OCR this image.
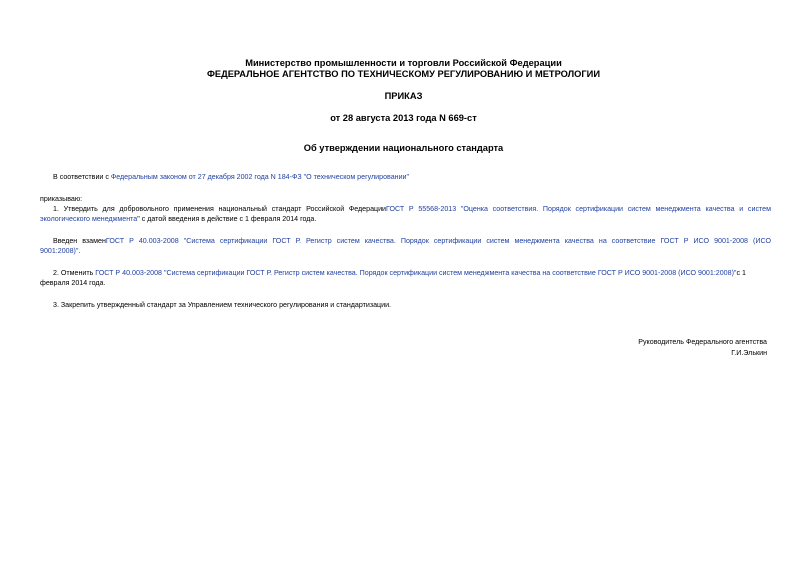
Министерство промышленности и торговли Российской Федерации
ФЕДЕРАЛЬНОЕ АГЕНТСТВО ПО ТЕХНИЧЕСКОМУ РЕГУЛИРОВАНИЮ И МЕТРОЛОГИИ
ПРИКАЗ
от 28 августа 2013 года N 669-ст
Об утверждении национального стандарта
В соответствии с Федеральным законом от 27 декабря 2002 года N 184-ФЗ "О техническом регулировании"
приказываю:
1. Утвердить для добровольного применения национальный стандарт Российской ФедерацииГОСТ Р 55568-2013 "Оценка соответствия. Порядок сертификации систем менеджмента качества и систем
экологического менеджмента" с датой введения в действие с 1 февраля 2014 года.
Введен взаменГОСТ Р 40.003-2008 "Система сертификации ГОСТ Р. Регистр систем качества. Порядок сертификации систем менеджмента качества на соответствие ГОСТ Р ИСО 9001-2008 (ИСО
9001:2008)".
2. Отменить ГОСТ Р 40.003-2008 "Система сертификации ГОСТ Р. Регистр систем качества. Порядок сертификации систем менеджмента качества на соответствие ГОСТ Р ИСО 9001-2008 (ИСО 9001:2008)"с 1
февраля 2014 года.
3. Закрепить утвержденный стандарт за Управлением технического регулирования и стандартизации.
Руководитель Федерального агентства
Г.И.Элькин
